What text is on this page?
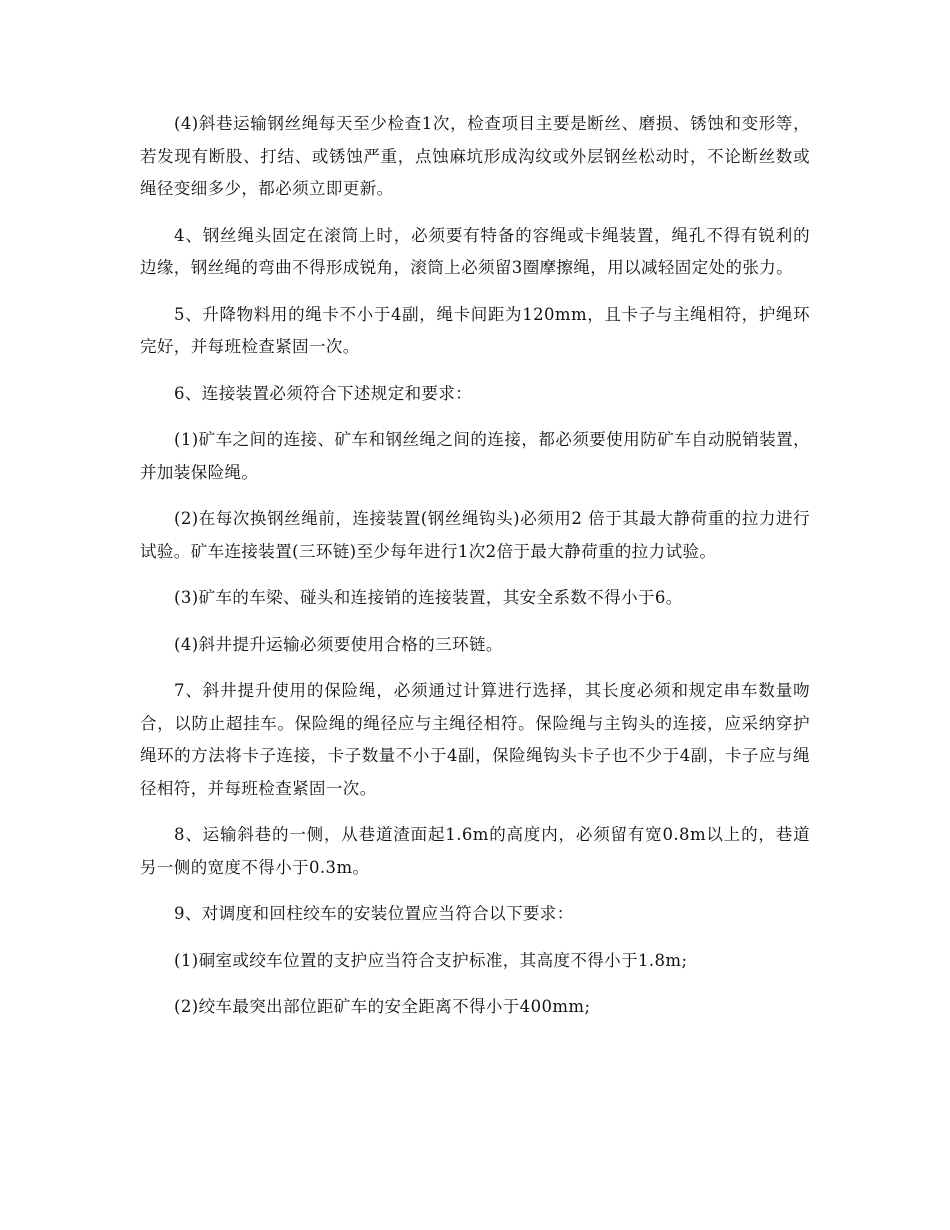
(4)斜巷运输钢丝绳每天至少检查1次，检查项目主要是断丝、磨损、锈蚀和变形等，若发现有断股、打结、或锈蚀严重，点蚀麻坑形成沟纹或外层钢丝松动时，不论断丝数或绳径变细多少，都必须立即更新。

4、钢丝绳头固定在滚筒上时，必须要有特备的容绳或卡绳装置，绳孔不得有锐利的边缘，钢丝绳的弯曲不得形成锐角，滚筒上必须留3圈摩擦绳，用以减轻固定处的张力。

5、升降物料用的绳卡不小于4副，绳卡间距为120mm，且卡子与主绳相符，护绳环完好，并每班检查紧固一次。

6、连接装置必须符合下述规定和要求：

(1)矿车之间的连接、矿车和钢丝绳之间的连接，都必须要使用防矿车自动脱销装置，并加装保险绳。

(2)在每次换钢丝绳前，连接装置(钢丝绳钩头)必须用2 倍于其最大静荷重的拉力进行试验。矿车连接装置(三环链)至少每年进行1次2倍于最大静荷重的拉力试验。

(3)矿车的车梁、碰头和连接销的连接装置，其安全系数不得小于6。

(4)斜井提升运输必须要使用合格的三环链。

7、斜井提升使用的保险绳，必须通过计算进行选择，其长度必须和规定串车数量吻合，以防止超挂车。保险绳的绳径应与主绳径相符。保险绳与主钩头的连接，应采纳穿护绳环的方法将卡子连接，卡子数量不小于4副，保险绳钩头卡子也不少于4副，卡子应与绳径相符，并每班检查紧固一次。

8、运输斜巷的一侧，从巷道渣面起1.6m的高度内，必须留有宽0.8m以上的，巷道另一侧的宽度不得小于0.3m。

9、对调度和回柱绞车的安装位置应当符合以下要求：

(1)硐室或绞车位置的支护应当符合支护标准，其高度不得小于1.8m;

(2)绞车最突出部位距矿车的安全距离不得小于400mm;
